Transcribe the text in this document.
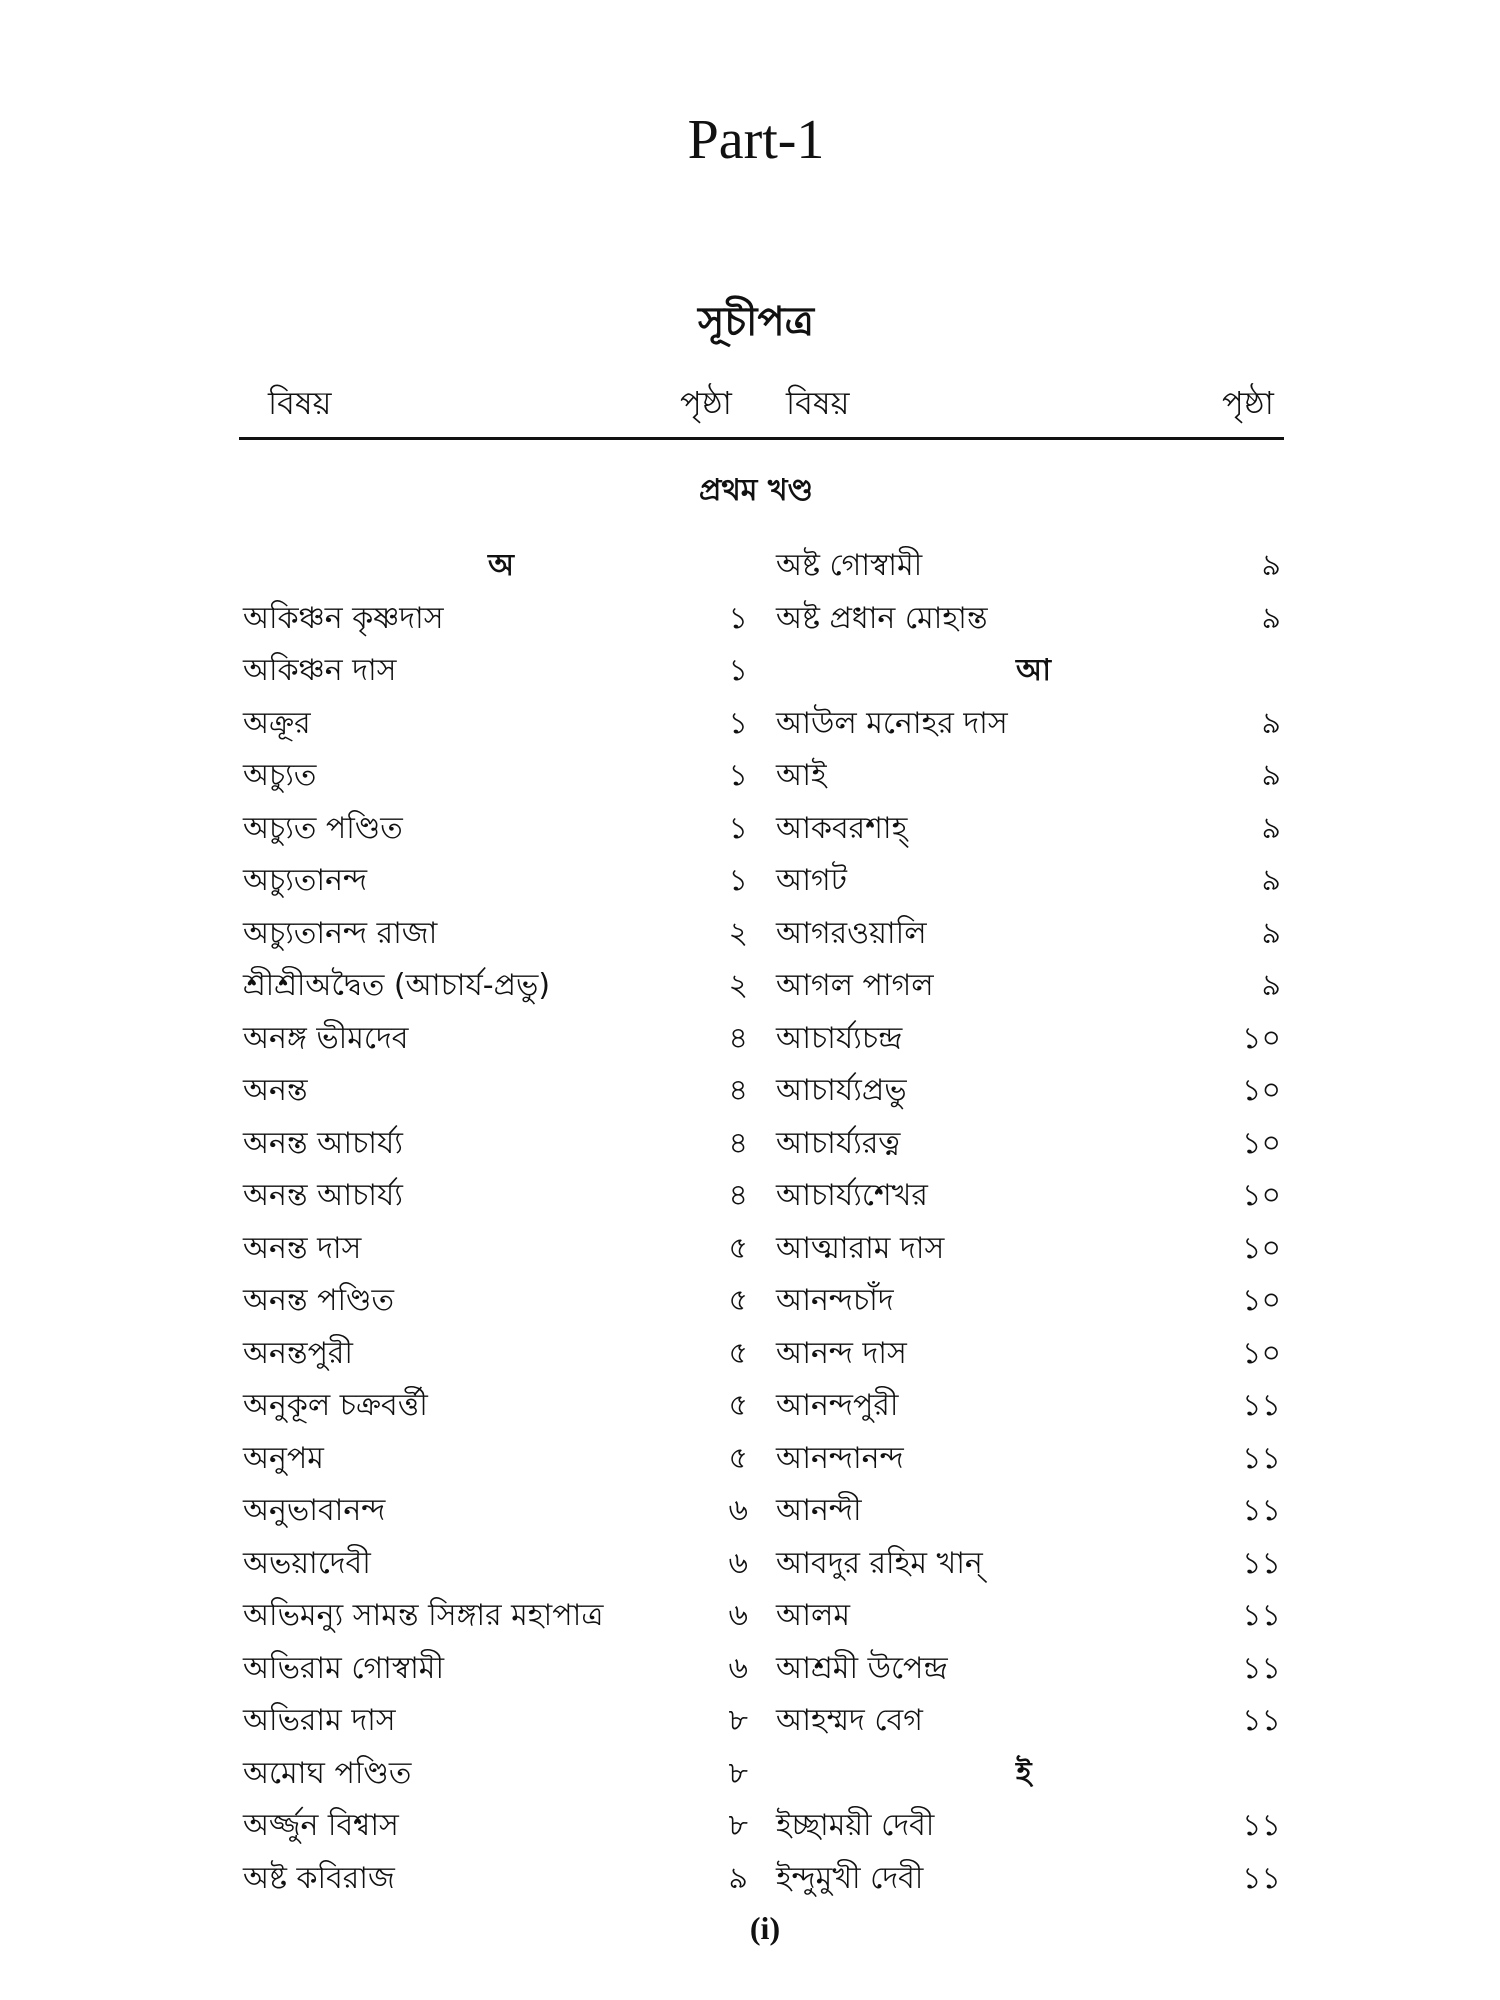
Part-1
সূচীপত্র
বিষয়	পৃষ্ঠা বিষয়	পৃষ্ঠা
প্রথম খণ্ড
অ
অকিঞ্চন কৃষ্ণদাস	১
অকিঞ্চন দাস	১
অক্রূর	১
অচ্যুত	১
অচ্যুত পণ্ডিত	১
অচ্যুতানন্দ	১
অচ্যুতানন্দ রাজা	২
শ্রীশ্রীঅদ্বৈত (আচার্য-প্রভু)	২
অনঙ্গ ভীমদেব	৪
অনন্ত	৪
অনন্ত আচার্য্য	৪
অনন্ত আচার্য্য	৪
অনন্ত দাস	৫
অনন্ত পণ্ডিত	৫
অনন্তপুরী	৫
অনুকূল চক্রবর্ত্তী	৫
অনুপম	৫
অনুভাবানন্দ	৬
অভয়াদেবী	৬
অভিমন্যু সামন্ত সিঙ্গার মহাপাত্র	৬
অভিরাম গোস্বামী	৬
অভিরাম দাস	৮
অমোঘ পণ্ডিত	৮
অর্জ্জুন বিশ্বাস	৮
অষ্ট কবিরাজ	৯
অষ্ট গোস্বামী	৯
অষ্ট প্রধান মোহান্ত	৯
আ
আউল মনোহর দাস	৯
আই	৯
আকবরশাহ্	৯
আগট	৯
আগরওয়ালি	৯
আগল পাগল	৯
আচার্য্যচন্দ্র	১০
আচার্য্যপ্রভু	১০
আচার্য্যরত্ন	১০
আচার্য্যশেখর	১০
আত্মারাম দাস	১০
আনন্দচাঁদ	১০
আনন্দ দাস	১০
আনন্দপুরী	১১
আনন্দানন্দ	১১
আনন্দী	১১
আবদুর রহিম খান্	১১
আলম	১১
আশ্রমী উপেন্দ্র	১১
আহম্মদ বেগ	১১
ই
ইচ্ছাময়ী দেবী	১১
ইন্দুমুখী দেবী	১১
(i)
